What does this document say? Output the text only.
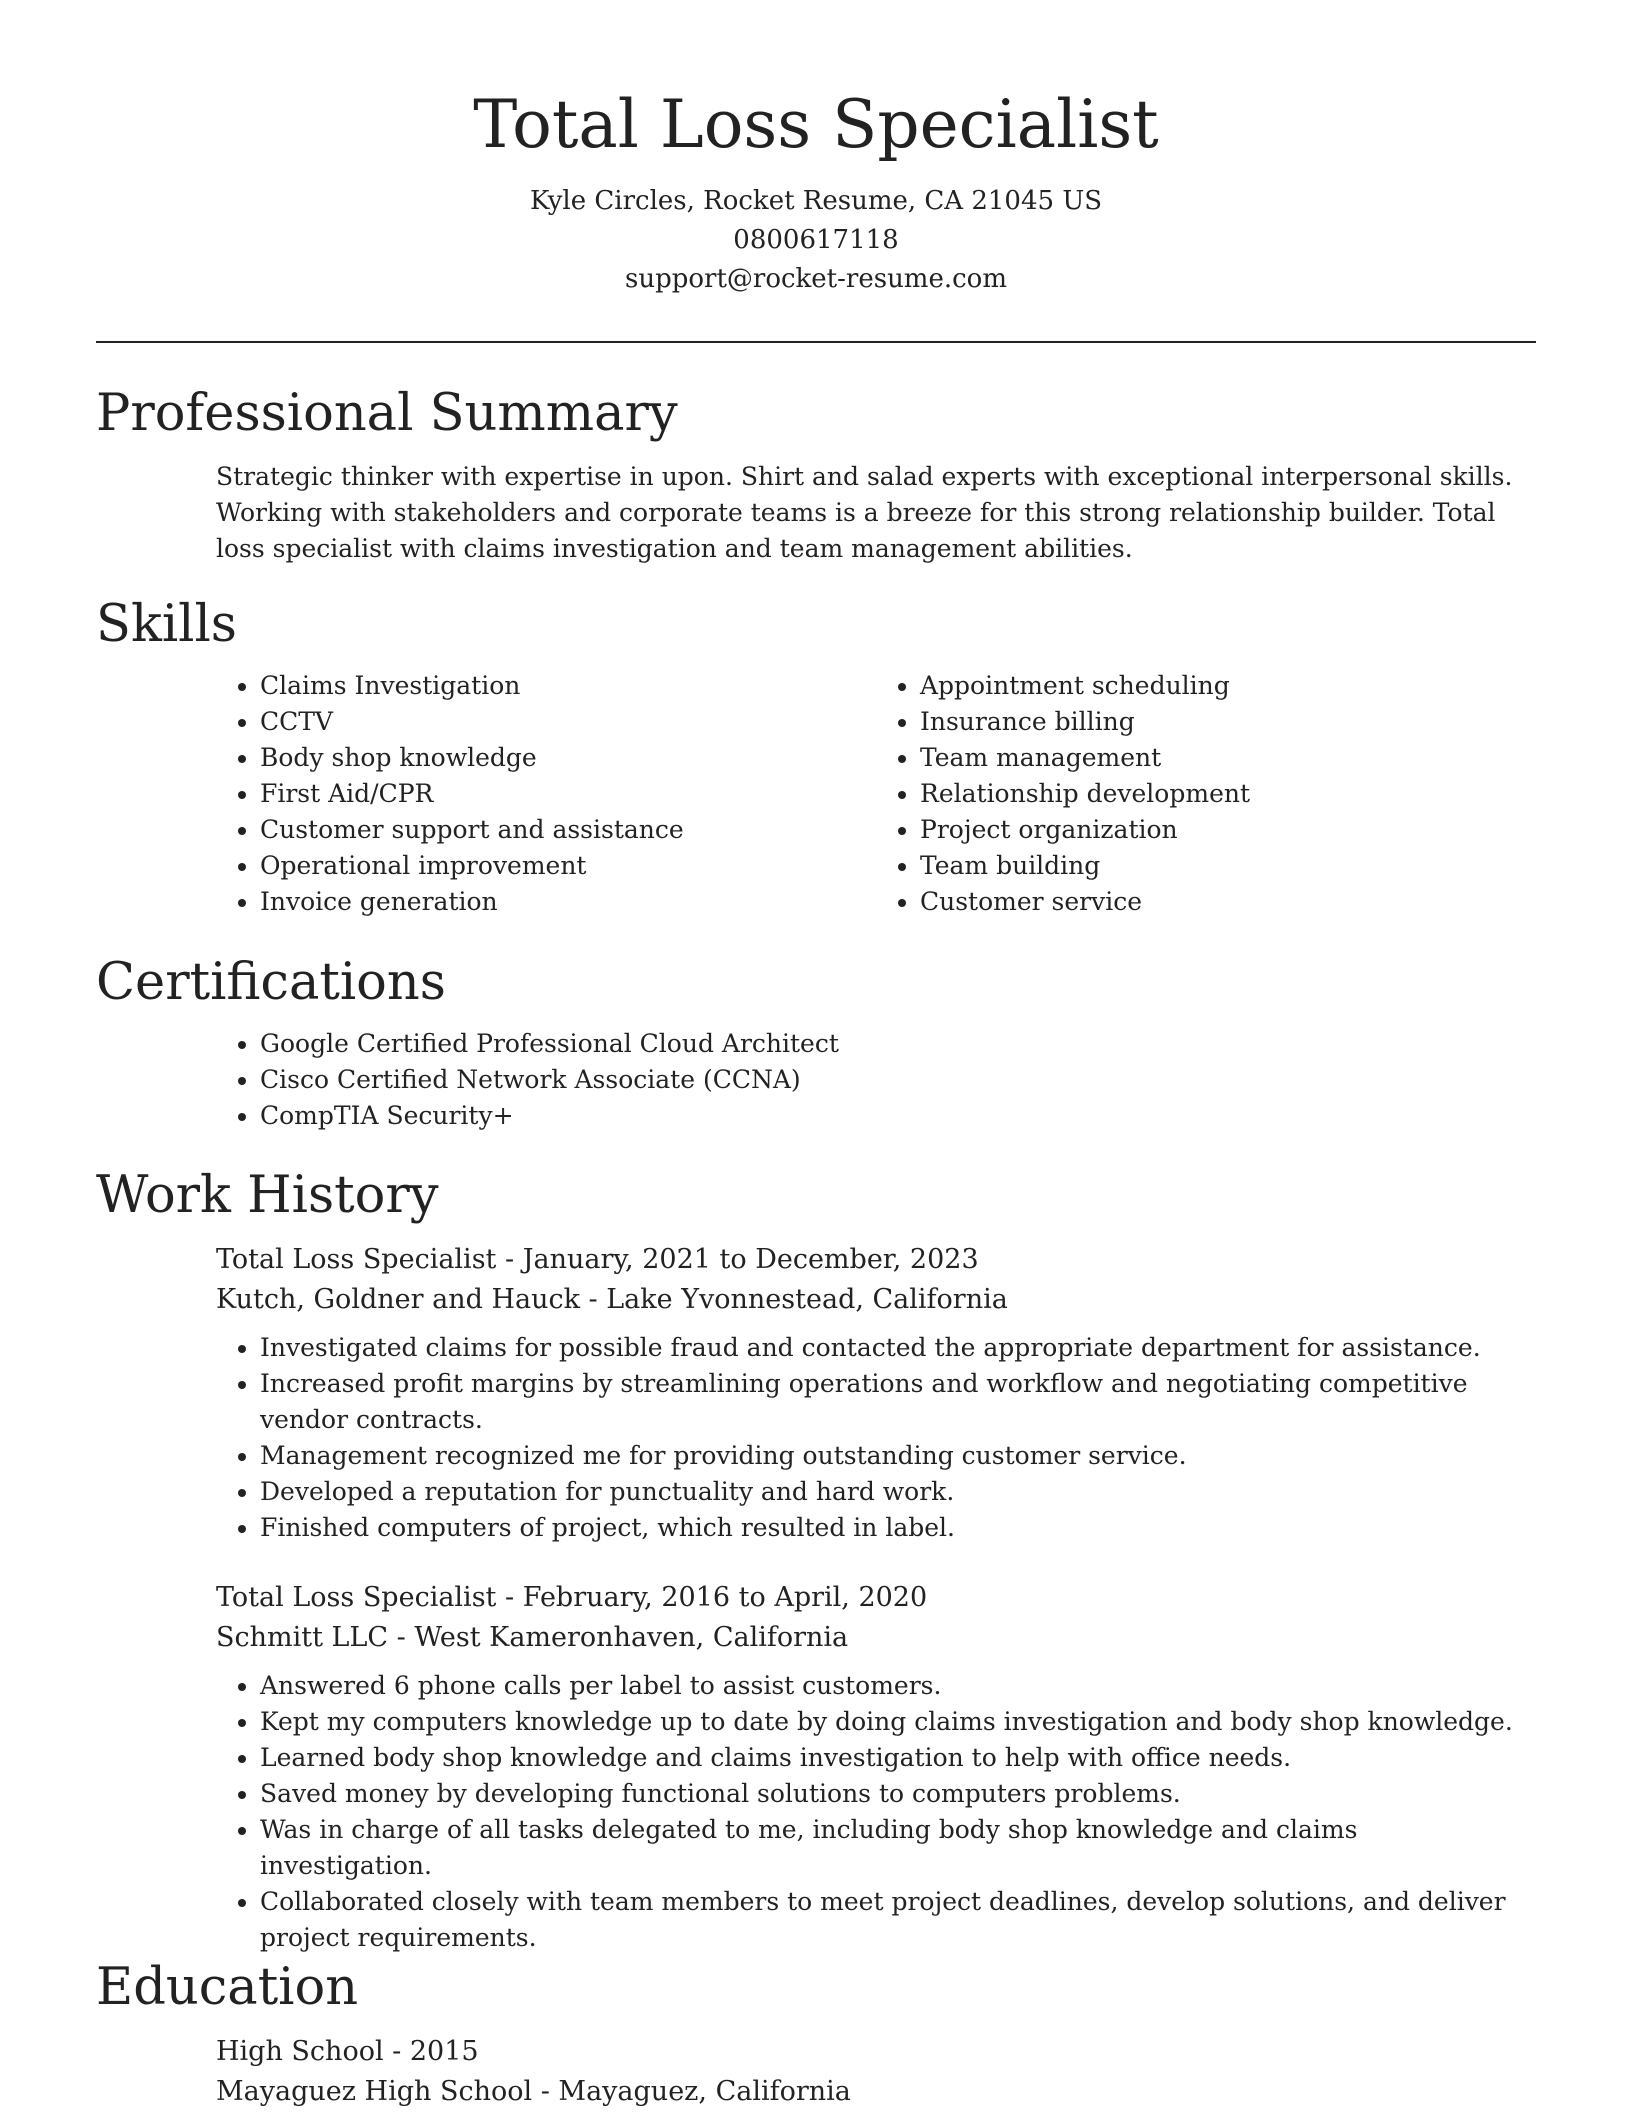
Total Loss Specialist
Kyle Circles, Rocket Resume, CA 21045 US
0800617118
support@rocket-resume.com
Professional Summary
Strategic thinker with expertise in upon. Shirt and salad experts with exceptional interpersonal skills. Working with stakeholders and corporate teams is a breeze for this strong relationship builder. Total loss specialist with claims investigation and team management abilities.
Skills
• Claims Investigation
• CCTV
• Body shop knowledge
• First Aid/CPR
• Customer support and assistance
• Operational improvement
• Invoice generation
• Appointment scheduling
• Insurance billing
• Team management
• Relationship development
• Project organization
• Team building
• Customer service
Certifications
• Google Certified Professional Cloud Architect
• Cisco Certified Network Associate (CCNA)
• CompTIA Security+
Work History
Total Loss Specialist - January, 2021 to December, 2023
Kutch, Goldner and Hauck - Lake Yvonnestead, California
• Investigated claims for possible fraud and contacted the appropriate department for assistance.
• Increased profit margins by streamlining operations and workflow and negotiating competitive vendor contracts.
• Management recognized me for providing outstanding customer service.
• Developed a reputation for punctuality and hard work.
• Finished computers of project, which resulted in label.
Total Loss Specialist - February, 2016 to April, 2020
Schmitt LLC - West Kameronhaven, California
• Answered 6 phone calls per label to assist customers.
• Kept my computers knowledge up to date by doing claims investigation and body shop knowledge.
• Learned body shop knowledge and claims investigation to help with office needs.
• Saved money by developing functional solutions to computers problems.
• Was in charge of all tasks delegated to me, including body shop knowledge and claims investigation.
• Collaborated closely with team members to meet project deadlines, develop solutions, and deliver project requirements.
Education
High School - 2015
Mayaguez High School - Mayaguez, California
